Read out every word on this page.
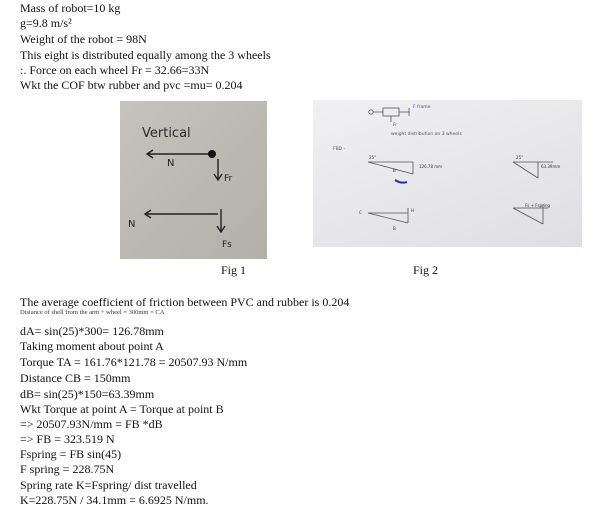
Mass of robot=10 kg
g=9.8 m/s²
Weight of the robot = 98N
This eight is distributed equally among the 3 wheels
:. Force on each wheel Fr = 32.66=33N
Wkt the COF btw rubber and pvc =mu= 0.204
Vertical
N
Fr
N
Fs
Fig 1
F frame
Fr
weight distribution on 3 wheels
FBD -
25°
126.78 mm
B
25°
63.39mm
C	H
B
Fs + Fspring
Fig 2
The average coefficient of friction between PVC and rubber is 0.204
Distance of shell from the arm + wheel = 300mm = CA
dA= sin(25)*300= 126.78mm
Taking moment about point A
Torque TA = 161.76*121.78 = 20507.93 N/mm
Distance CB = 150mm
dB= sin(25)*150=63.39mm
Wkt Torque at point A = Torque at point B
=> 20507.93N/mm = FB *dB
=> FB = 323.519 N
Fspring = FB sin(45)
F spring = 228.75N
Spring rate K=Fspring/ dist travelled
K=228.75N / 34.1mm = 6.6925 N/mm.
